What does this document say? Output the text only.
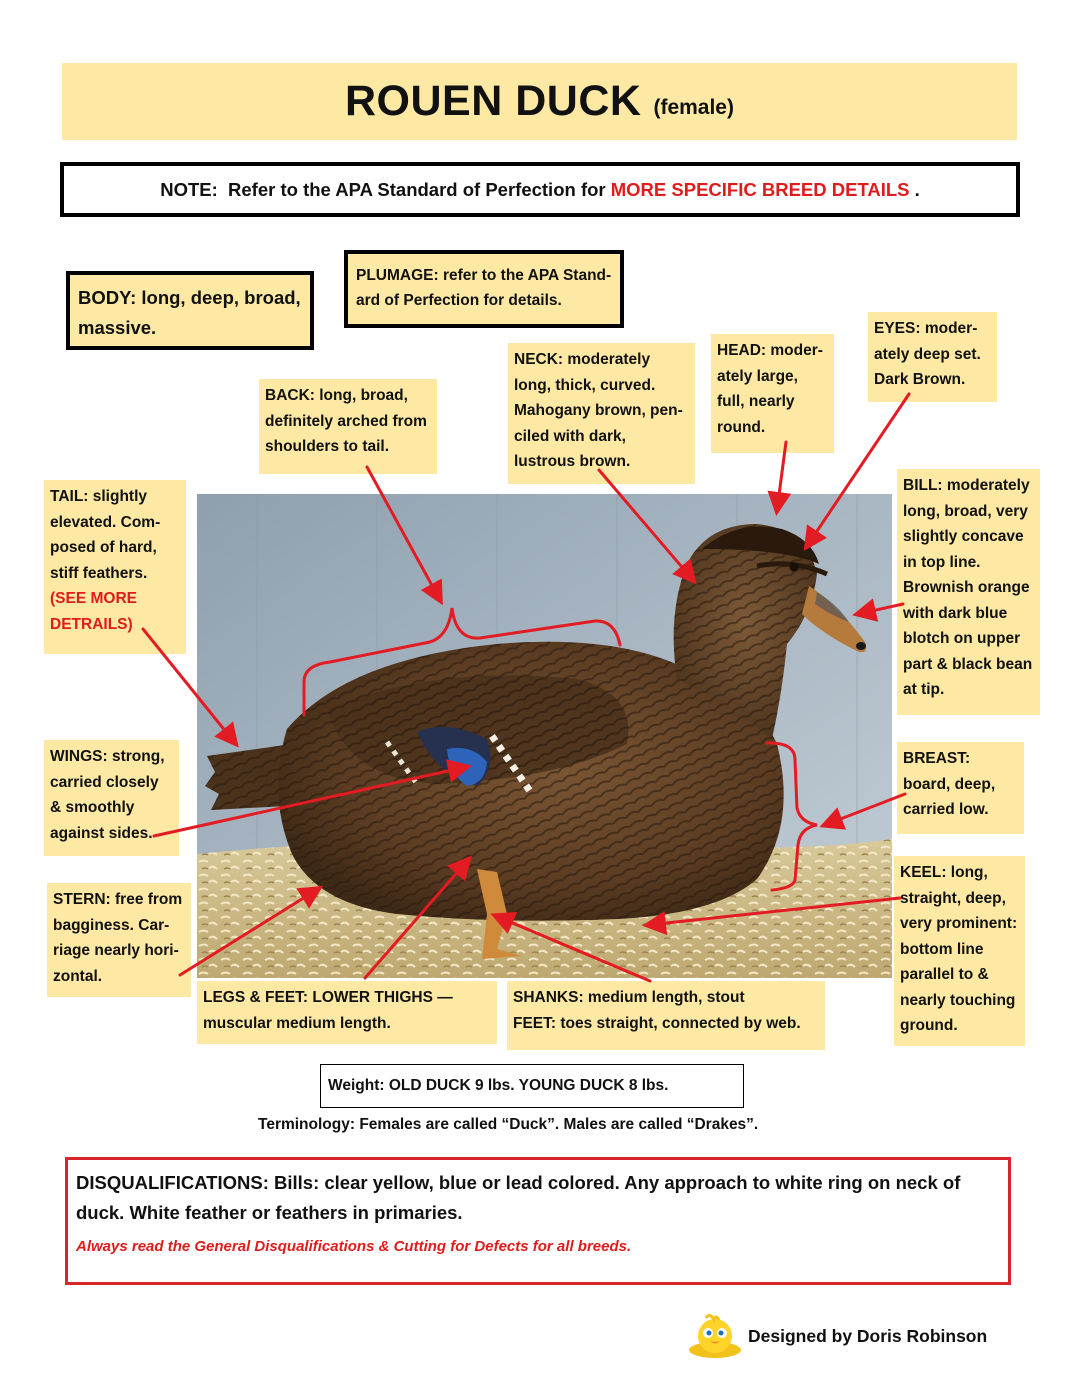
ROUEN DUCK (female)
NOTE:  Refer to the APA Standard of Perfection for MORE SPECIFIC BREED DETAILS .
BODY: long, deep, broad, massive.
PLUMAGE: refer to the APA Stand-ard of Perfection for details.
BACK: long, broad, definitely arched from shoulders to tail.
NECK: moderately long, thick, curved. Mahogany brown, pen-ciled with dark, lustrous brown.
HEAD: moder-ately large, full, nearly round.
EYES: moder-ately deep set. Dark Brown.
TAIL: slightly elevated. Com-posed of hard, stiff feathers. (SEE MORE DETRAILS)
BILL: moderately long, broad, very slightly concave in top line. Brownish orange with dark blue blotch on upper part & black bean at tip.
WINGS: strong, carried closely & smoothly against sides.
BREAST: board, deep, carried low.
STERN: free from bagginess. Car-riage nearly hori-zontal.
KEEL: long, straight, deep, very prominent: bottom line parallel to & nearly touching ground.
LEGS & FEET: LOWER THIGHS — muscular medium length.
SHANKS: medium length, stout
FEET: toes straight, connected by web.
Weight: OLD DUCK 9 lbs. YOUNG DUCK 8 lbs.
Terminology: Females are called “Duck”. Males are called “Drakes”.
DISQUALIFICATIONS: Bills: clear yellow, blue or lead colored. Any approach to white ring on neck of duck. White feather or feathers in primaries.
Always read the General Disqualifications & Cutting for Defects for all breeds.
Designed by Doris Robinson
